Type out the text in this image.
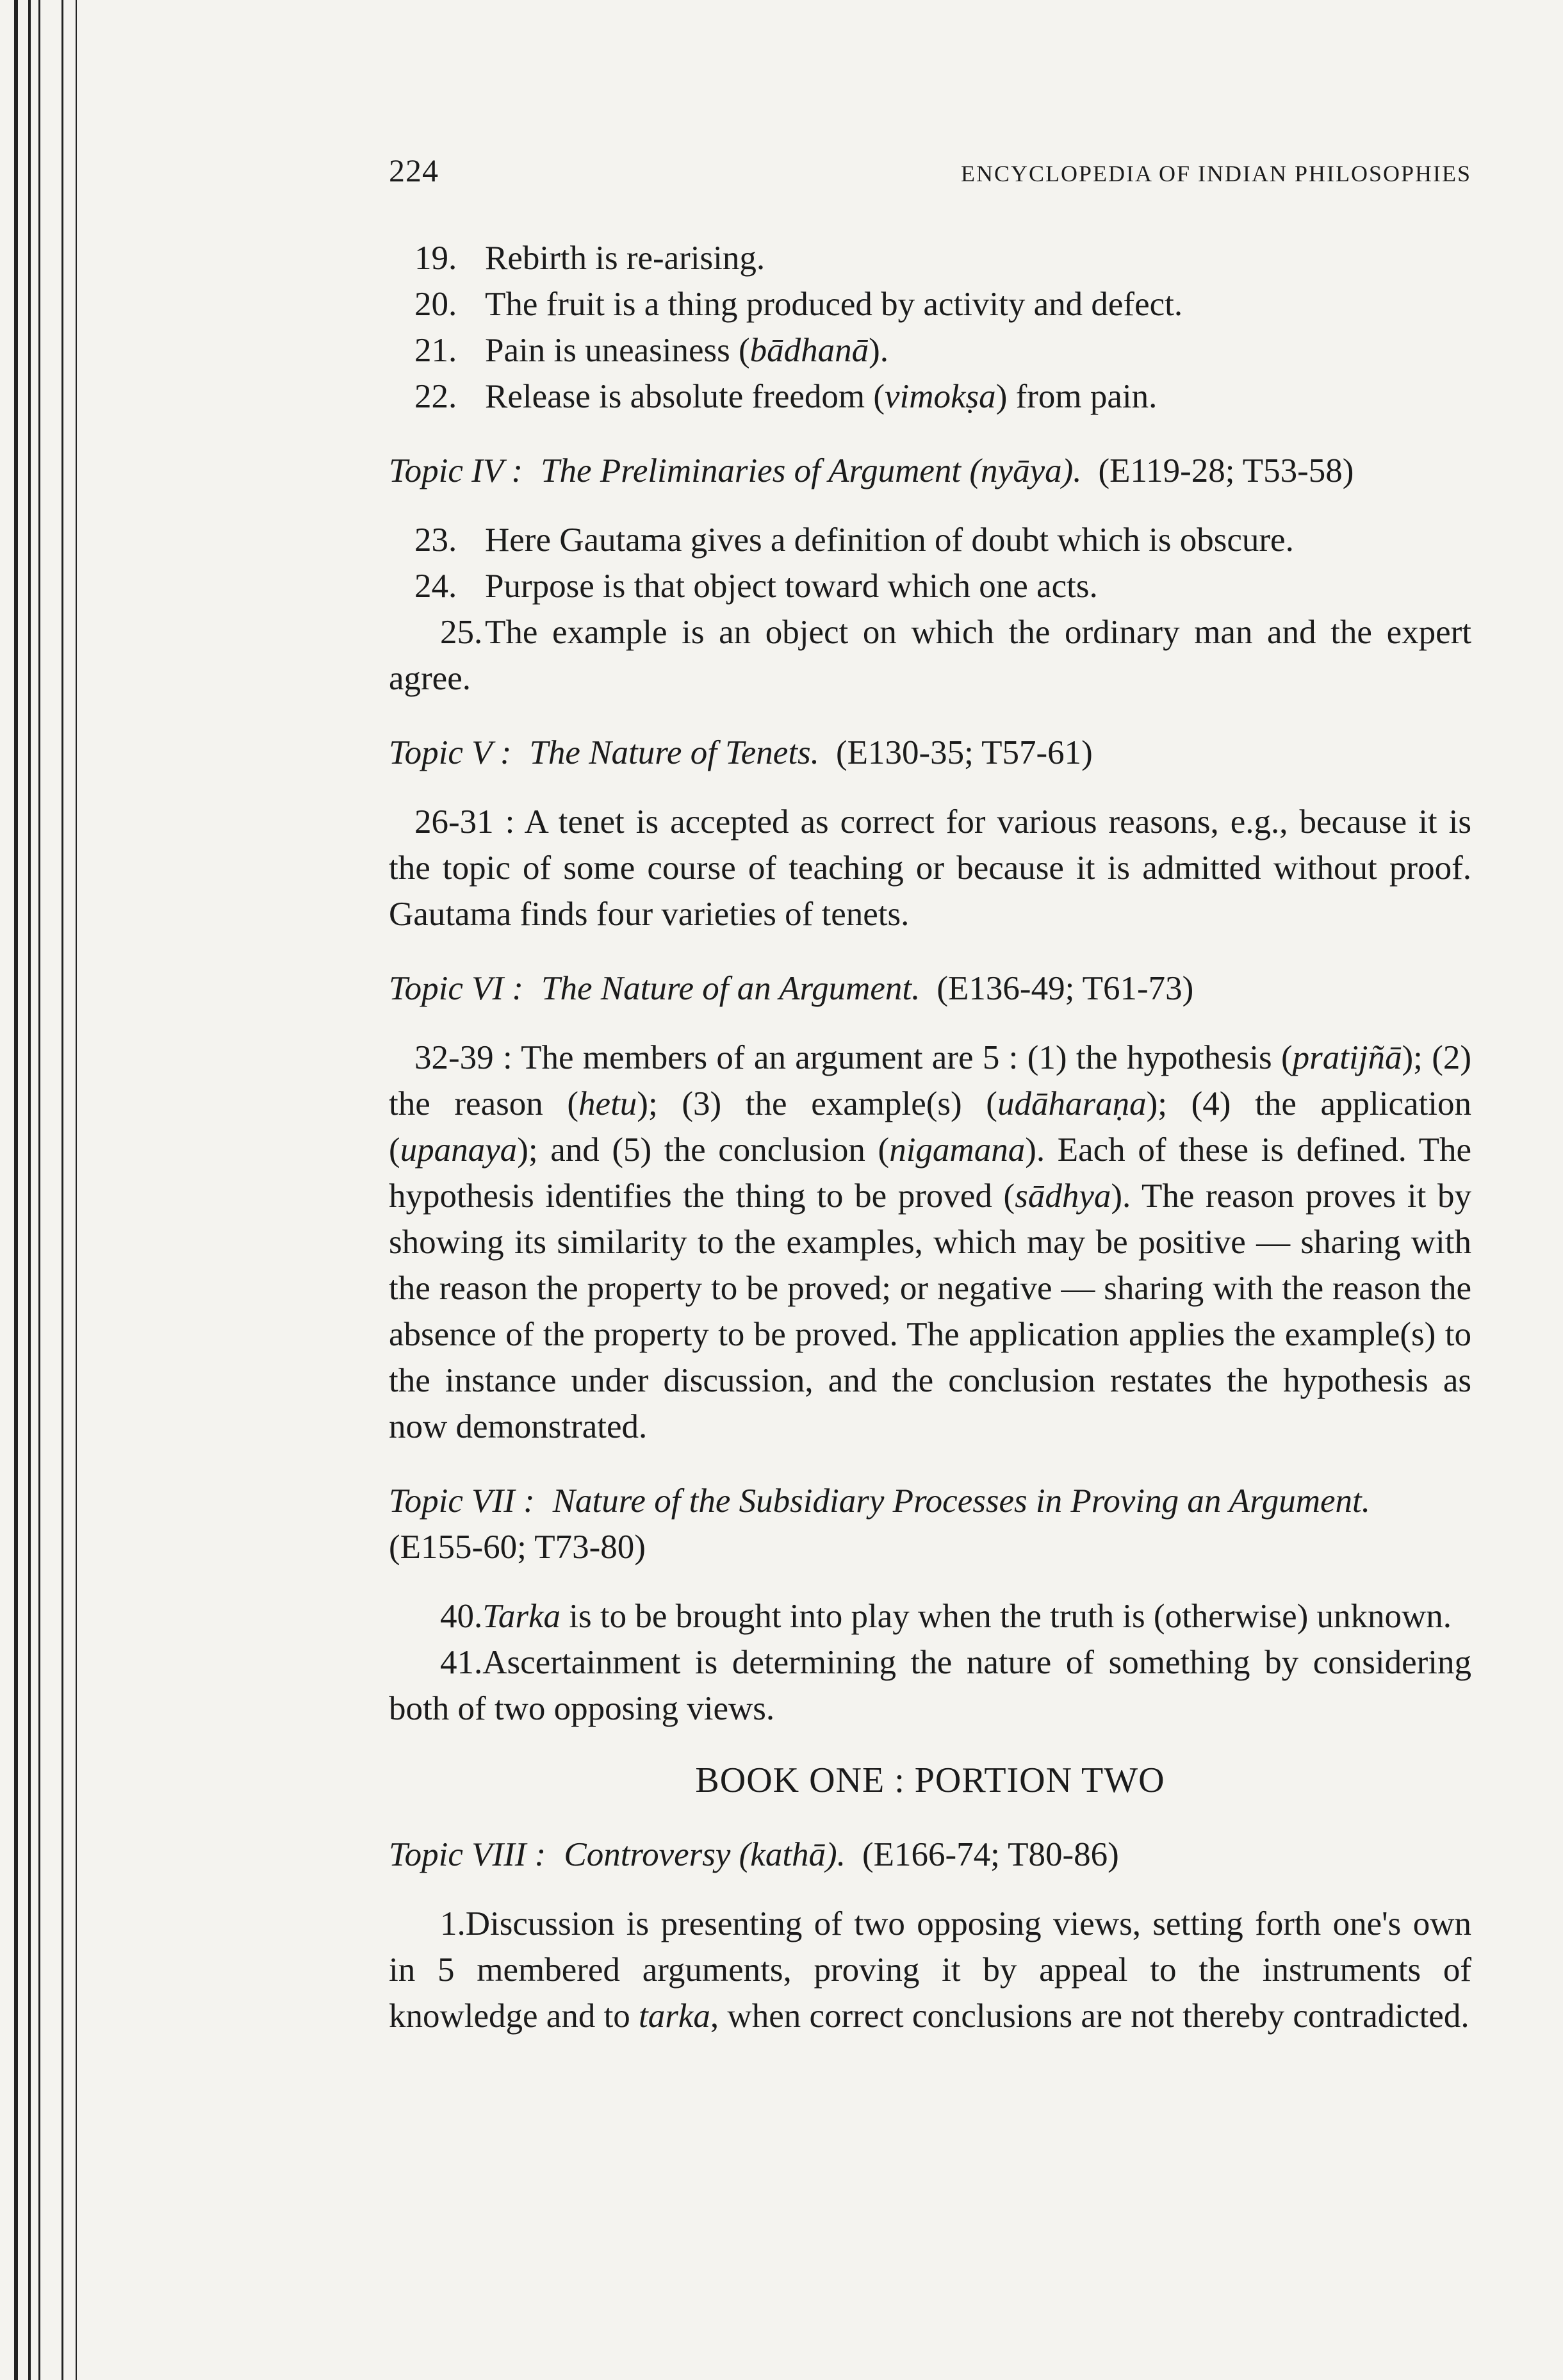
224	ENCYCLOPEDIA OF INDIAN PHILOSOPHIES
19. Rebirth is re-arising.
20. The fruit is a thing produced by activity and defect.
21. Pain is uneasiness (bādhanā).
22. Release is absolute freedom (vimokṣa) from pain.
Topic IV : The Preliminaries of Argument (nyāya). (E119-28; T53-58)
23. Here Gautama gives a definition of doubt which is obscure.
24. Purpose is that object toward which one acts.

25.The example is an object on which the ordinary man and the expert agree.

Topic V : The Nature of Tenets. (E130-35; T57-61)

26-31 : A tenet is accepted as correct for various reasons, e.g., because it is the topic of some course of teaching or because it is admitted without proof. Gautama finds four varieties of tenets.

Topic VI : The Nature of an Argument. (E136-49; T61-73)

32-39 : The members of an argument are 5 : (1) the hypothesis (pratijñā); (2) the reason (hetu); (3) the example(s) (udāharaṇa); (4) the application (upanaya); and (5) the conclusion (nigamana). Each of these is defined. The hypothesis identifies the thing to be proved (sādhya). The reason proves it by showing its similarity to the examples, which may be positive — sharing with the reason the property to be proved; or negative — sharing with the reason the absence of the property to be proved. The application applies the example(s) to the instance under discussion, and the conclusion restates the hypothesis as now demonstrated.

Topic VII : Nature of the Subsidiary Processes in Proving an Argument.(E155-60; T73-80)

40.Tarka is to be brought into play when the truth is (otherwise) unknown.

41.Ascertainment is determining the nature of something by considering both of two opposing views.

BOOK ONE : PORTION TWO
Topic VIII : Controversy (kathā). (E166-74; T80-86)

1.Discussion is presenting of two opposing views, setting forth one's own in 5 membered arguments, proving it by appeal to the instruments of knowledge and to tarka, when correct conclusions are not thereby contradicted.
